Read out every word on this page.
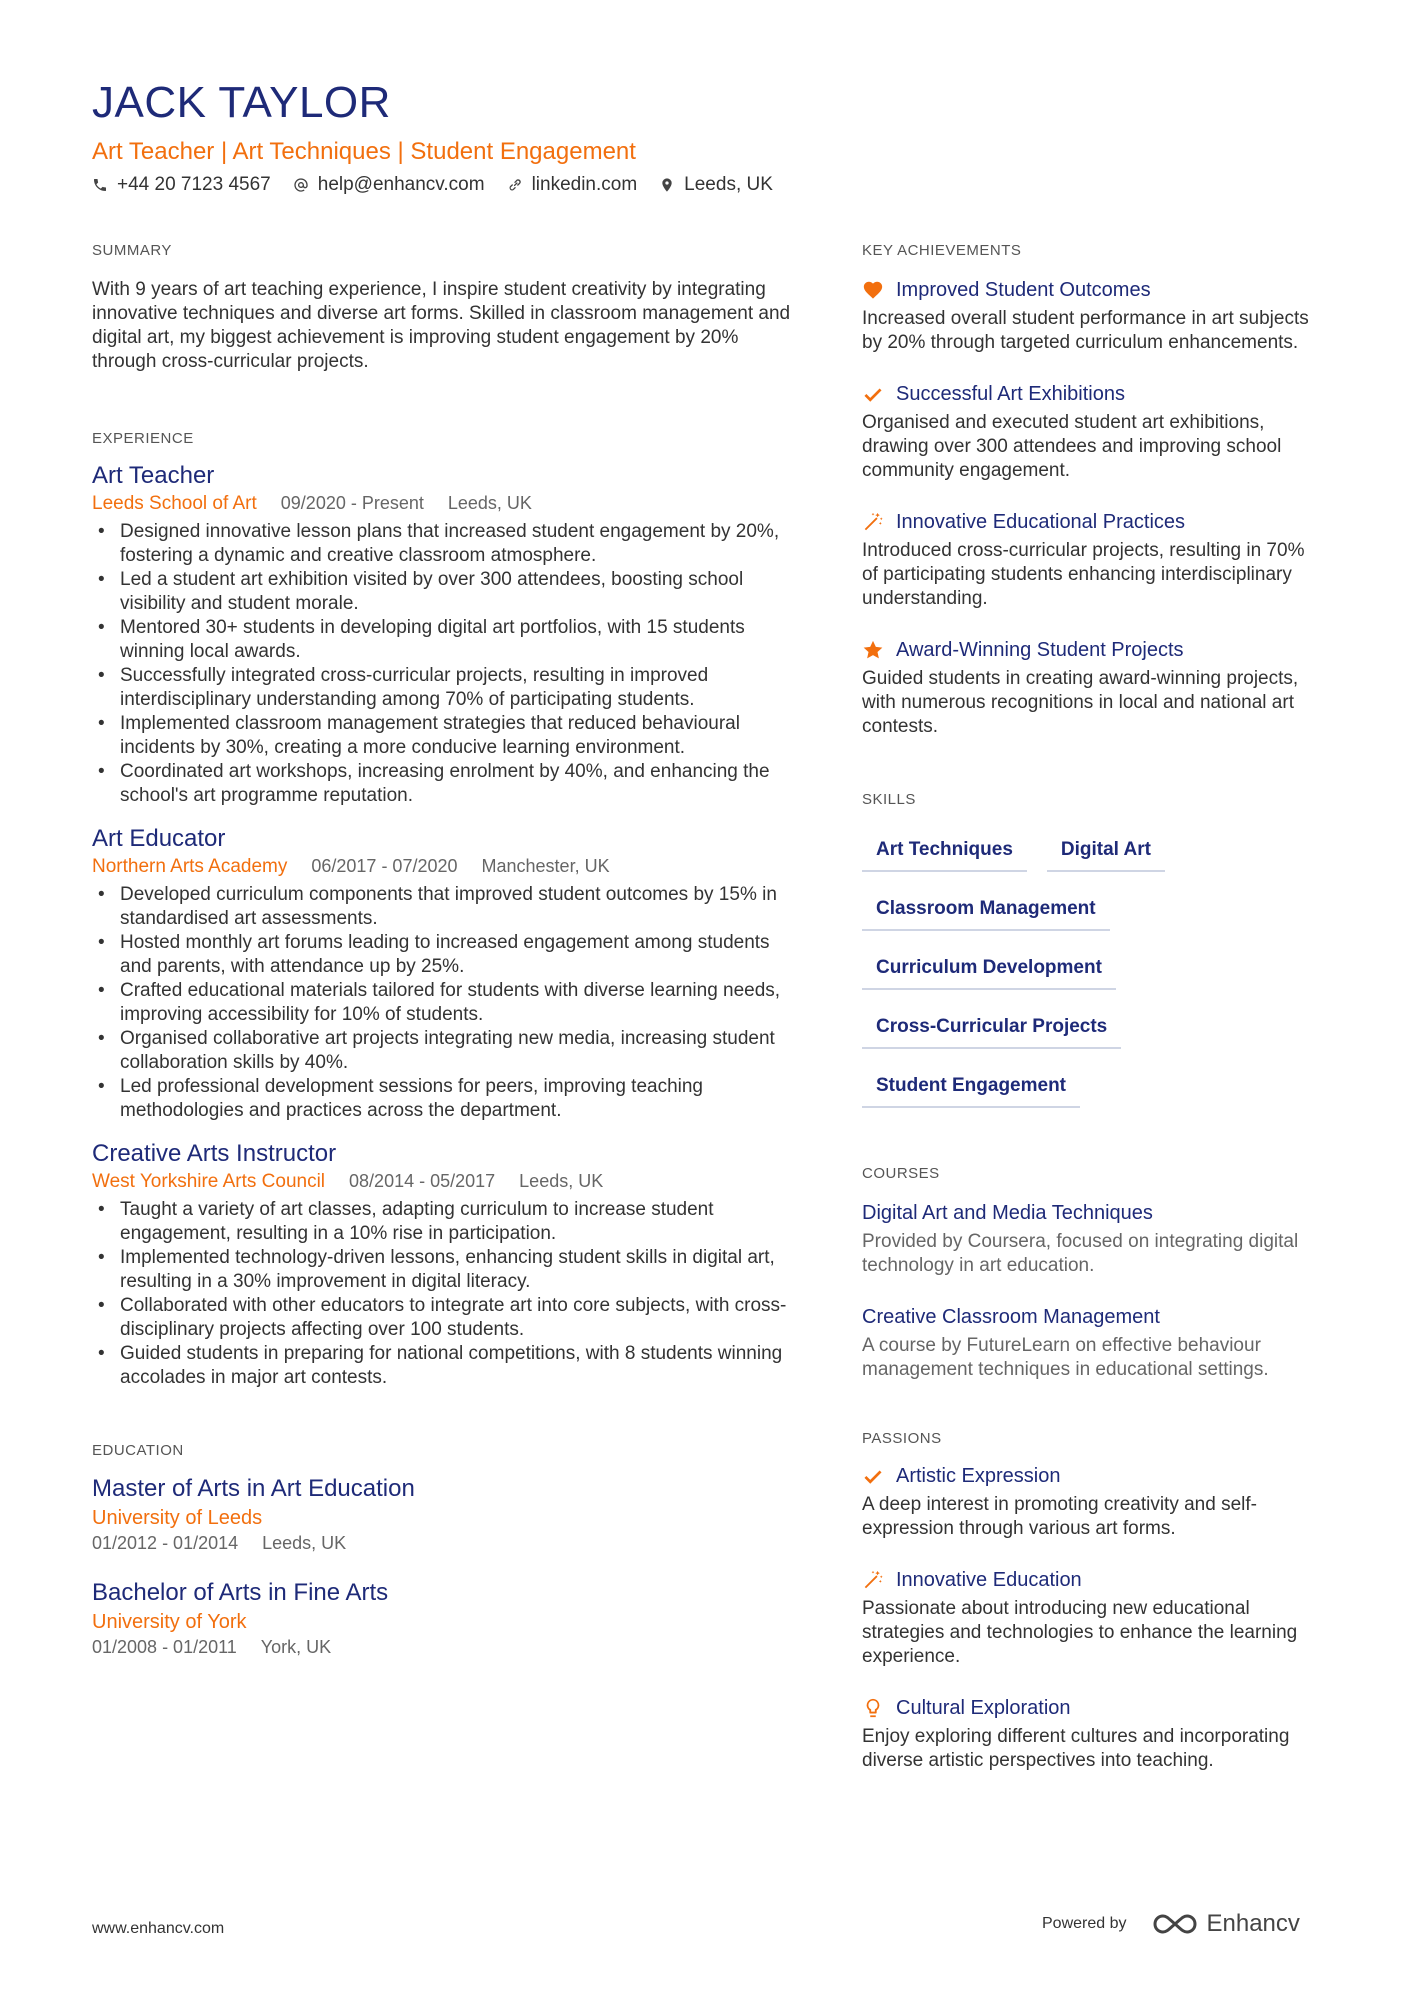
JACK TAYLOR
Art Teacher | Art Techniques | Student Engagement
+44 20 7123 4567 help@enhancv.com linkedin.com Leeds, UK
SUMMARY
With 9 years of art teaching experience, I inspire student creativity by integrating innovative techniques and diverse art forms. Skilled in classroom management and digital art, my biggest achievement is improving student engagement by 20% through cross-curricular projects.
EXPERIENCE
Art Teacher
Leeds School of Art 09/2020 - Present Leeds, UK
• Designed innovative lesson plans that increased student engagement by 20%, fostering a dynamic and creative classroom atmosphere.
• Led a student art exhibition visited by over 300 attendees, boosting school visibility and student morale.
• Mentored 30+ students in developing digital art portfolios, with 15 students winning local awards.
• Successfully integrated cross-curricular projects, resulting in improved interdisciplinary understanding among 70% of participating students.
• Implemented classroom management strategies that reduced behavioural incidents by 30%, creating a more conducive learning environment.
• Coordinated art workshops, increasing enrolment by 40%, and enhancing the school's art programme reputation.
Art Educator
Northern Arts Academy 06/2017 - 07/2020 Manchester, UK
• Developed curriculum components that improved student outcomes by 15% in standardised art assessments.
• Hosted monthly art forums leading to increased engagement among students and parents, with attendance up by 25%.
• Crafted educational materials tailored for students with diverse learning needs, improving accessibility for 10% of students.
• Organised collaborative art projects integrating new media, increasing student collaboration skills by 40%.
• Led professional development sessions for peers, improving teaching methodologies and practices across the department.
Creative Arts Instructor
West Yorkshire Arts Council 08/2014 - 05/2017 Leeds, UK
• Taught a variety of art classes, adapting curriculum to increase student engagement, resulting in a 10% rise in participation.
• Implemented technology-driven lessons, enhancing student skills in digital art, resulting in a 30% improvement in digital literacy.
• Collaborated with other educators to integrate art into core subjects, with cross-disciplinary projects affecting over 100 students.
• Guided students in preparing for national competitions, with 8 students winning accolades in major art contests.
EDUCATION
Master of Arts in Art Education
University of Leeds
01/2012 - 01/2014 Leeds, UK
Bachelor of Arts in Fine Arts
University of York
01/2008 - 01/2011 York, UK
KEY ACHIEVEMENTS
Improved Student Outcomes
Increased overall student performance in art subjects by 20% through targeted curriculum enhancements.
Successful Art Exhibitions
Organised and executed student art exhibitions, drawing over 300 attendees and improving school community engagement.
Innovative Educational Practices
Introduced cross-curricular projects, resulting in 70% of participating students enhancing interdisciplinary understanding.
Award-Winning Student Projects
Guided students in creating award-winning projects, with numerous recognitions in local and national art contests.
SKILLS
Art Techniques	Digital Art
Classroom Management
Curriculum Development
Cross-Curricular Projects
Student Engagement
COURSES
Digital Art and Media Techniques
Provided by Coursera, focused on integrating digital technology in art education.
Creative Classroom Management
A course by FutureLearn on effective behaviour management techniques in educational settings.
PASSIONS
Artistic Expression
A deep interest in promoting creativity and self-expression through various art forms.
Innovative Education
Passionate about introducing new educational strategies and technologies to enhance the learning experience.
Cultural Exploration
Enjoy exploring different cultures and incorporating diverse artistic perspectives into teaching.
www.enhancv.com	Powered by	Enhancv
